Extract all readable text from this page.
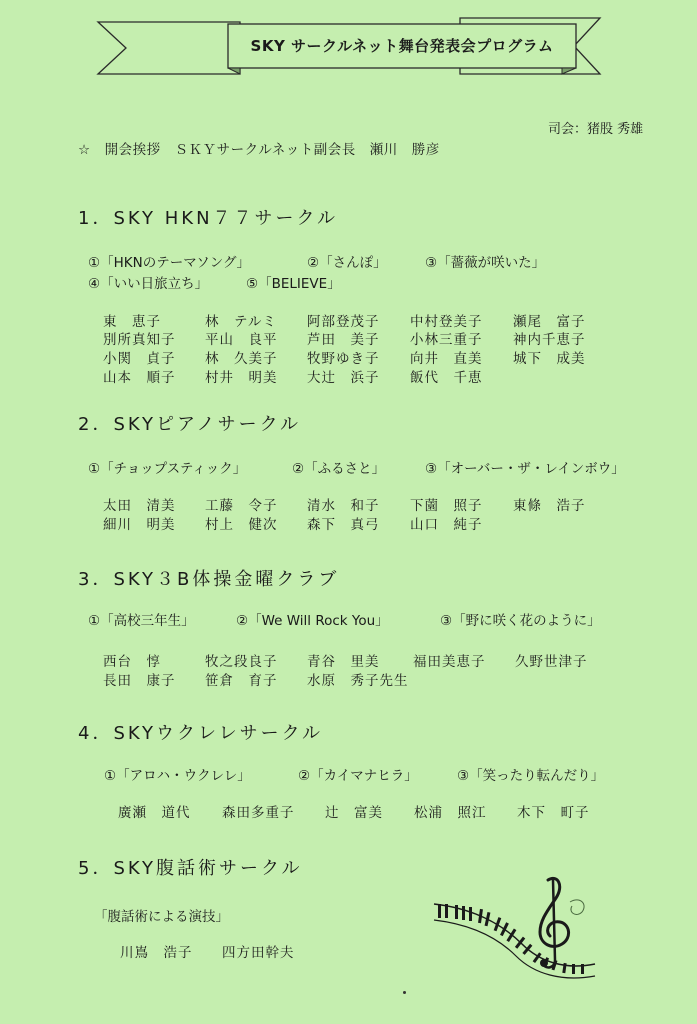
SKY サークルネット舞台発表会プログラム
司会：猪股 秀雄
☆　開会挨拶　ＳＫＹサークルネット副会長　瀬川　勝彦
1．SKY HKN７７サークル
①「HKNのテーマソング」	②「さんぽ」	③「薔薇が咲いた」
④「いい日旅立ち」	⑤「BELIEVE」
東　恵子	林　テルミ 阿部登茂子 中村登美子 瀬尾　富子
別所真知子 平山　良平 芦田　美子 小林三重子 神内千恵子
小関　貞子 林　久美子 牧野ゆき子 向井　直美 城下　成美
山本　順子 村井　明美 大辻　浜子 飯代　千恵
2．SKYピアノサークル
①「チョップスティック」	②「ふるさと」	③「オーバー・ザ・レインボウ」
太田　清美 工藤　令子 清水　和子 下薗　照子 東條　浩子
細川　明美 村上　健次 森下　真弓 山口　純子
3．SKY３B体操金曜クラブ
①「高校三年生」	②「We Will Rock You」	③「野に咲く花のように」
西台　惇	牧之段良子 青谷　里美 福田美恵子 久野世津子
長田　康子 笹倉　育子 水原　秀子先生
4．SKYウクレレサークル
①「アロハ・ウクレレ」	②「カイマナヒラ」	③「笑ったり転んだり」
廣瀬　道代 森田多重子 辻　富美 松浦　照江 木下　町子
5．SKY腹話術サークル
「腹話術による演技」
川嶌　浩子 四方田幹夫
